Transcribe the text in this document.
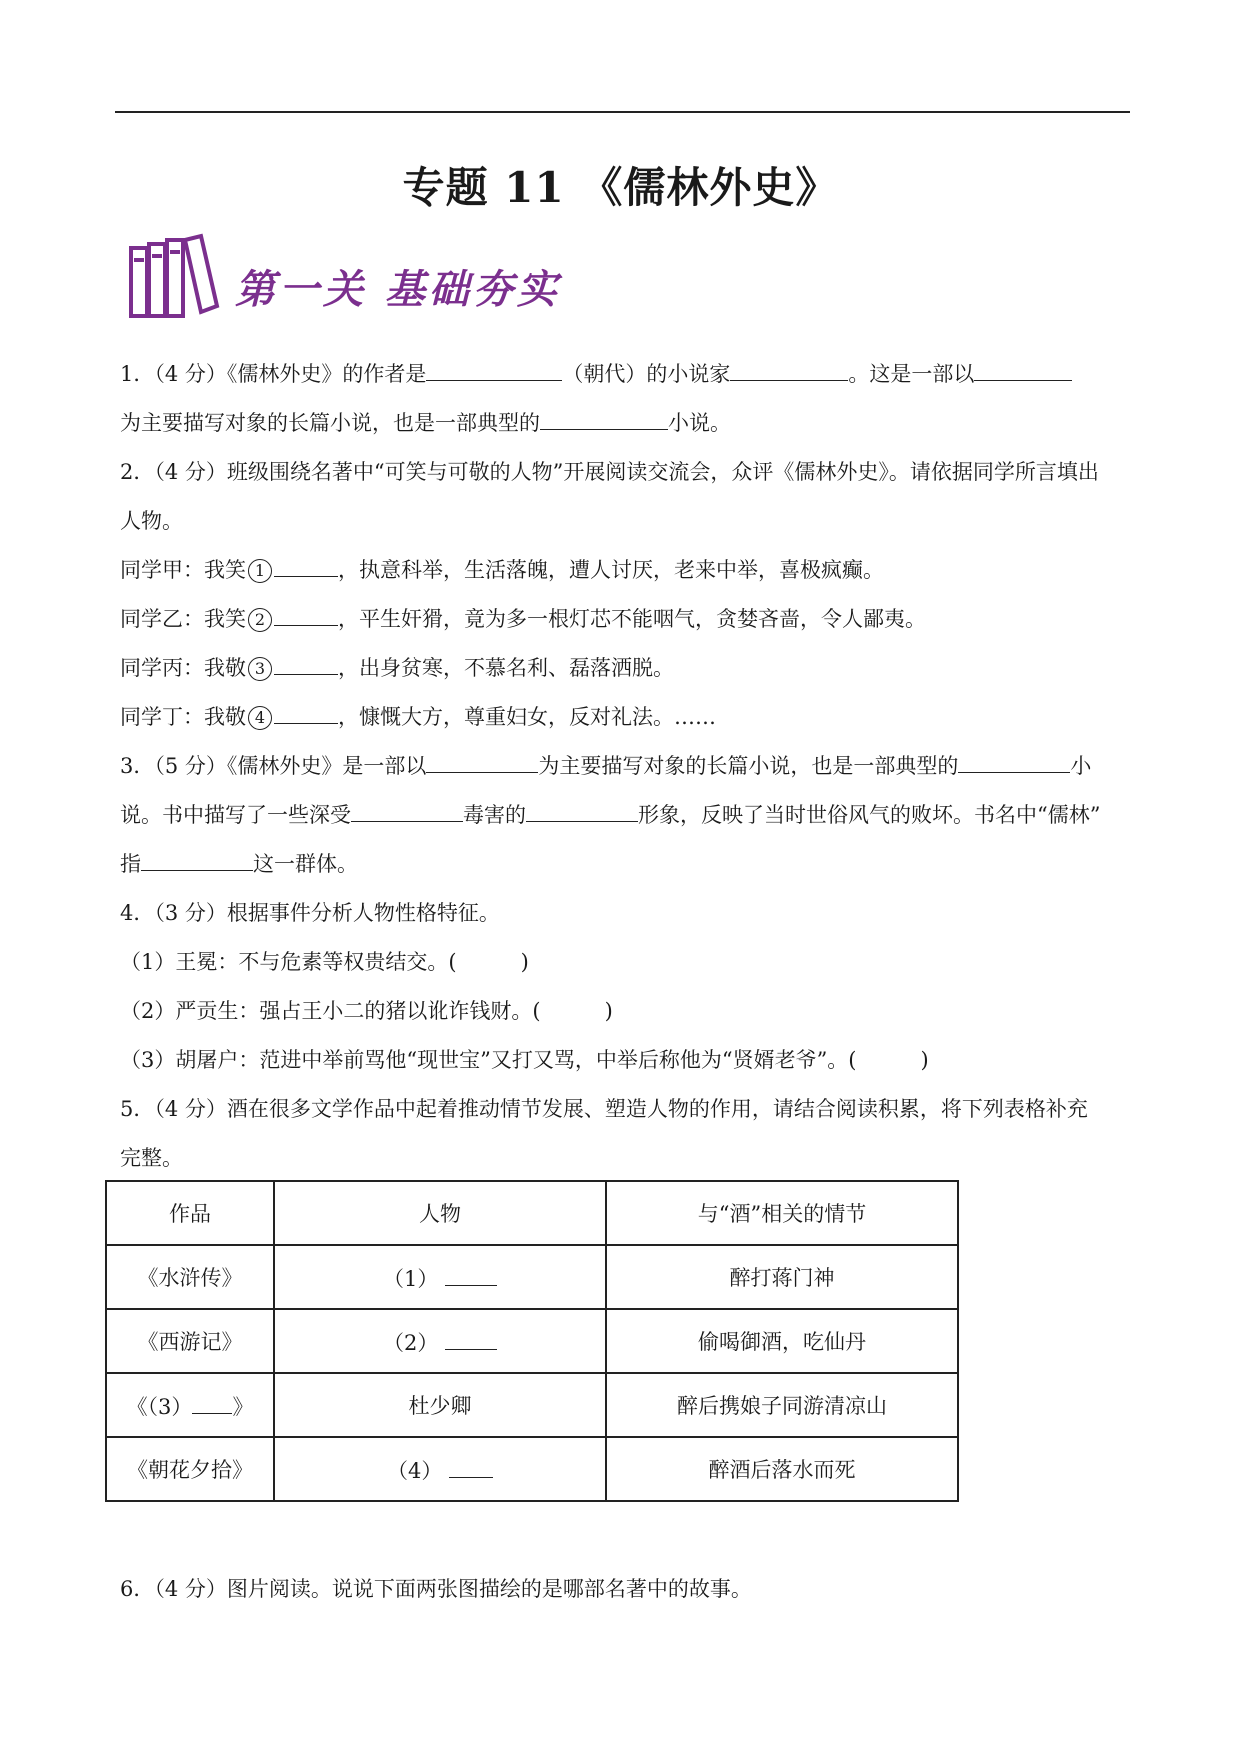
专题 11 《儒林外史》
第一关 基础夯实
1．（4 分）《儒林外史》的作者是	（朝代）的小说家	。这是一部以
为主要描写对象的长篇小说，也是一部典型的	小说。
2．（4 分）班级围绕名著中“可笑与可敬的人物”开展阅读交流会，众评《儒林外史》。请依据同学所言填出
人物。
同学甲：我笑 1	，执意科举，生活落魄，遭人讨厌，老来中举，喜极疯癫。
同学乙：我笑 2	，平生奸猾，竟为多一根灯芯不能咽气，贪婪吝啬，令人鄙夷。
同学丙：我敬 3	，出身贫寒，不慕名利、磊落洒脱。
同学丁：我敬 4	，慷慨大方，尊重妇女，反对礼法。……
3．（5 分）《儒林外史》是一部以	为主要描写对象的长篇小说，也是一部典型的	小
说。书中描写了一些深受	毒害的	形象，反映了当时世俗风气的败坏。书名中“儒林”
指	这一群体。
4．（3 分）根据事件分析人物性格特征。
（1）王冕：不与危素等权贵结交。(	)
（2）严贡生：强占王小二的猪以讹诈钱财。(	)
（3）胡屠户：范进中举前骂他“现世宝”又打又骂，中举后称他为“贤婿老爷”。(	)
5．（4 分）酒在很多文学作品中起着推动情节发展、塑造人物的作用，请结合阅读积累，将下列表格补充
完整。
作品	人物	与“酒”相关的情节
《水浒传》	（1）	醉打蒋门神
《西游记》	（2）	偷喝御酒，吃仙丹
《（3） 》	杜少卿	醉后携娘子同游清凉山
《朝花夕拾》	（4）	醉酒后落水而死
6．（4 分）图片阅读。说说下面两张图描绘的是哪部名著中的故事。
